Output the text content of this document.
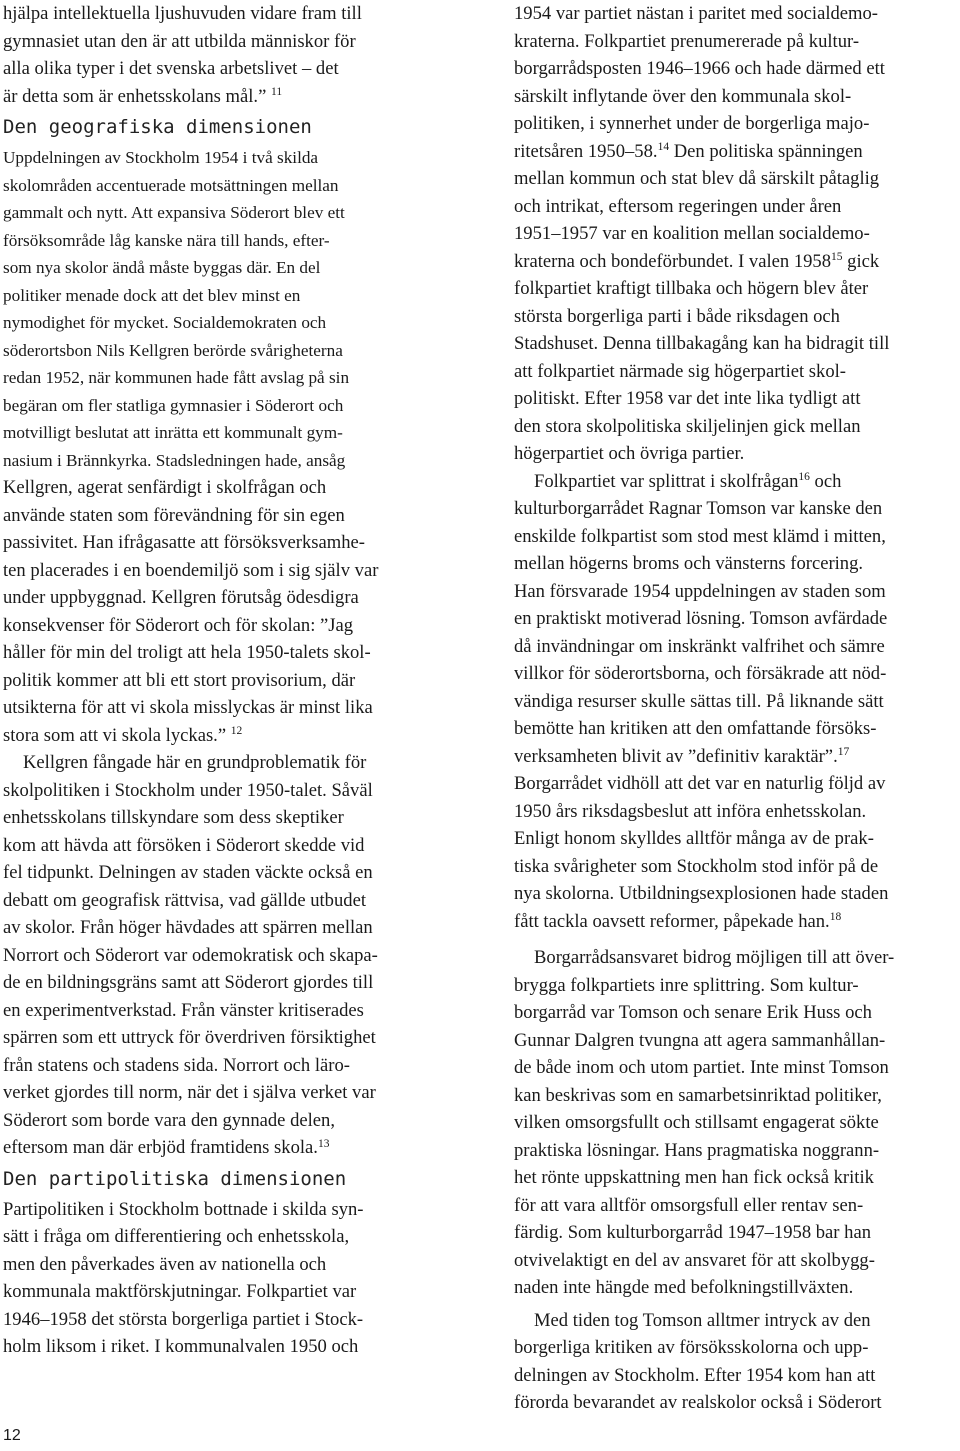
hjälpa intellektuella ljushuvuden vidare fram till
gymnasiet utan den är att utbilda människor för
alla olika typer i det svenska arbetslivet – det
är detta som är enhetsskolans mål.” $^{11}$
Den geografiska dimensionen
Uppdelningen av Stockholm 1954 i två skilda
skolområden accentuerade motsättningen mellan
gammalt och nytt. Att expansiva Söderort blev ett
försöksområde låg kanske nära till hands, efter-
som nya skolor ändå måste byggas där. En del
politiker menade dock att det blev minst en
nymodighet för mycket. Socialdemokraten och
söderortsbon Nils Kellgren berörde svårigheterna
redan 1952, när kommunen hade fått avslag på sin
begäran om fler statliga gymnasier i Söderort och
motvilligt beslutat att inrätta ett kommunalt gym-
nasium i Brännkyrka. Stadsledningen hade, ansåg
Kellgren, agerat senfärdigt i skolfrågan och
använde staten som förevändning för sin egen
passivitet. Han ifrågasatte att försöksverksamhe-
ten placerades i en boendemiljö som i sig själv var
under uppbyggnad. Kellgren förutsåg ödesdigra
konsekvenser för Söderort och för skolan: ”Jag
håller för min del troligt att hela 1950-talets skol-
politik kommer att bli ett stort provisorium, där
utsikterna för att vi skola misslyckas är minst lika
stora som att vi skola lyckas.” $^{12}$
Kellgren fångade här en grundproblematik för
skolpolitiken i Stockholm under 1950-talet. Såväl
enhetsskolans tillskyndare som dess skeptiker
kom att hävda att försöken i Söderort skedde vid
fel tidpunkt. Delningen av staden väckte också en
debatt om geografisk rättvisa, vad gällde utbudet
av skolor. Från höger hävdades att spärren mellan
Norrort och Söderort var odemokratisk och skapa-
de en bildningsgräns samt att Söderort gjordes till
en experimentverkstad. Från vänster kritiserades
spärren som ett uttryck för överdriven försiktighet
från statens och stadens sida. Norrort och läro-
verket gjordes till norm, när det i själva verket var
Söderort som borde vara den gynnade delen,
eftersom man där erbjöd framtidens skola.$^{13}$
Den partipolitiska dimensionen
Partipolitiken i Stockholm bottnade i skilda syn-
sätt i fråga om differentiering och enhetsskola,
men den påverkades även av nationella och
kommunala maktförskjutningar. Folkpartiet var
1946–1958 det största borgerliga partiet i Stock-
holm liksom i riket. I kommunalvalen 1950 och
1954 var partiet nästan i paritet med socialdemo-
kraterna. Folkpartiet prenumererade på kultur-
borgarrådsposten 1946–1966 och hade därmed ett
särskilt inflytande över den kommunala skol-
politiken, i synnerhet under de borgerliga majo-
ritetsåren 1950–58.14 Den politiska spänningen
mellan kommun och stat blev då särskilt påtaglig
och intrikat, eftersom regeringen under åren
1951–1957 var en koalition mellan socialdemo-
kraterna och bondeförbundet. I valen 1958$^{15}$ gick
folkpartiet kraftigt tillbaka och högern blev åter
största borgerliga parti i både riksdagen och
Stadshuset. Denna tillbakagång kan ha bidragit till
att folkpartiet närmade sig högerpartiet skol-
politiskt. Efter 1958 var det inte lika tydligt att
den stora skolpolitiska skiljelinjen gick mellan
högerpartiet och övriga partier.
Folkpartiet var splittrat i skolfrågan$^{16}$ och
kulturborgarrådet Ragnar Tomson var kanske den
enskilde folkpartist som stod mest klämd i mitten,
mellan högerns broms och vänsterns forcering.
Han försvarade 1954 uppdelningen av staden som
en praktiskt motiverad lösning. Tomson avfärdade
då invändningar om inskränkt valfrihet och sämre
villkor för söderortsborna, och försäkrade att nöd-
vändiga resurser skulle sättas till. På liknande sätt
bemötte han kritiken att den omfattande försöks-
verksamheten blivit av ”definitiv karaktär”.$^{17}$
Borgarrådet vidhöll att det var en naturlig följd av
1950 års riksdagsbeslut att införa enhetsskolan.
Enligt honom skylldes alltför många av de prak-
tiska svårigheter som Stockholm stod inför på de
nya skolorna. Utbildningsexplosionen hade staden
fått tackla oavsett reformer, påpekade han.$^{18}$
Borgarrådsansvaret bidrog möjligen till att över-
brygga folkpartiets inre splittring. Som kultur-
borgarråd var Tomson och senare Erik Huss och
Gunnar Dalgren tvungna att agera sammanhållan-
de både inom och utom partiet. Inte minst Tomson
kan beskrivas som en samarbetsinriktad politiker,
vilken omsorgsfullt och stillsamt engagerat sökte
praktiska lösningar. Hans pragmatiska noggrann-
het rönte uppskattning men han fick också kritik
för att vara alltför omsorgsfull eller rentav sen-
färdig. Som kulturborgarråd 1947–1958 bar han
otvivelaktigt en del av ansvaret för att skolbygg-
naden inte hängde med befolkningstillväxten.
Med tiden tog Tomson alltmer intryck av den
borgerliga kritiken av försöksskolorna och upp-
delningen av Stockholm. Efter 1954 kom han att
förorda bevarandet av realskolor också i Söderort
12
